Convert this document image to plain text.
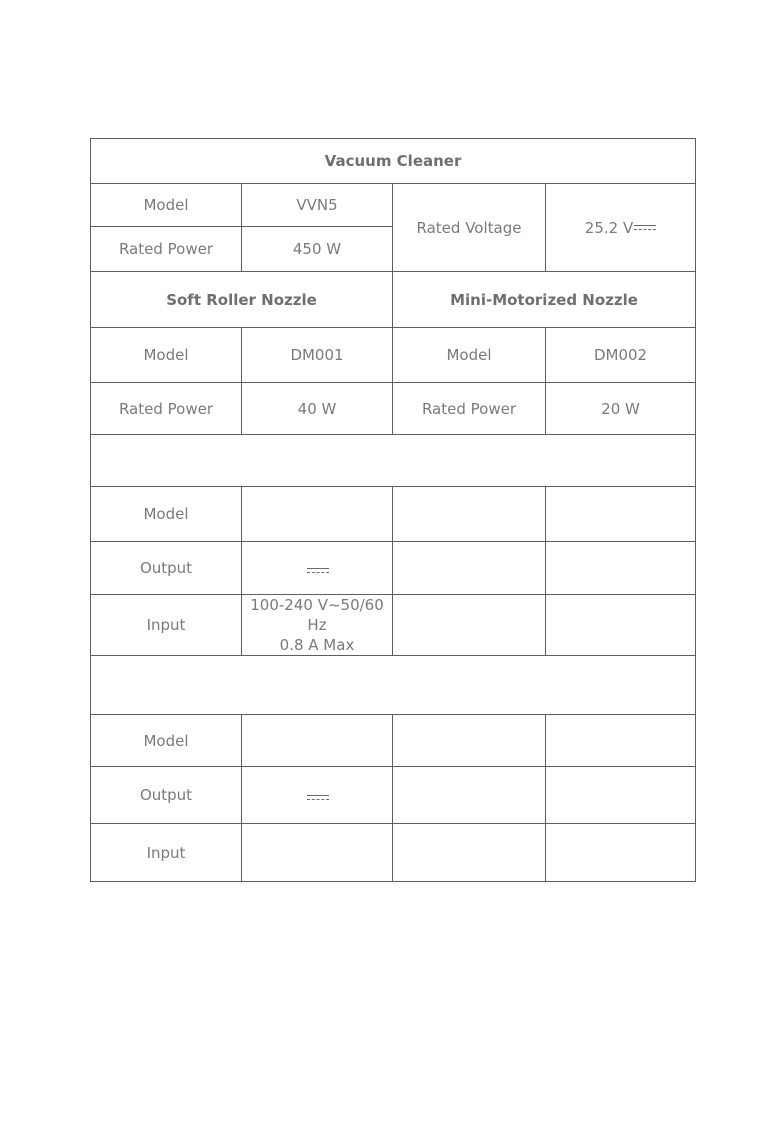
Vacuum Cleaner			
Model	VVN5	Rated Voltage	25.2 V
Rated Power	450 W		
Soft Roller Nozzle		Mini-Motorized Nozzle	
Model	DM001	Model	DM002
Rated Power	40 W	Rated Power	20 W

Model			
Output			
Input	100-240 V~50/60 Hz
0.8 A Max		

Model			
Output			
Input			
